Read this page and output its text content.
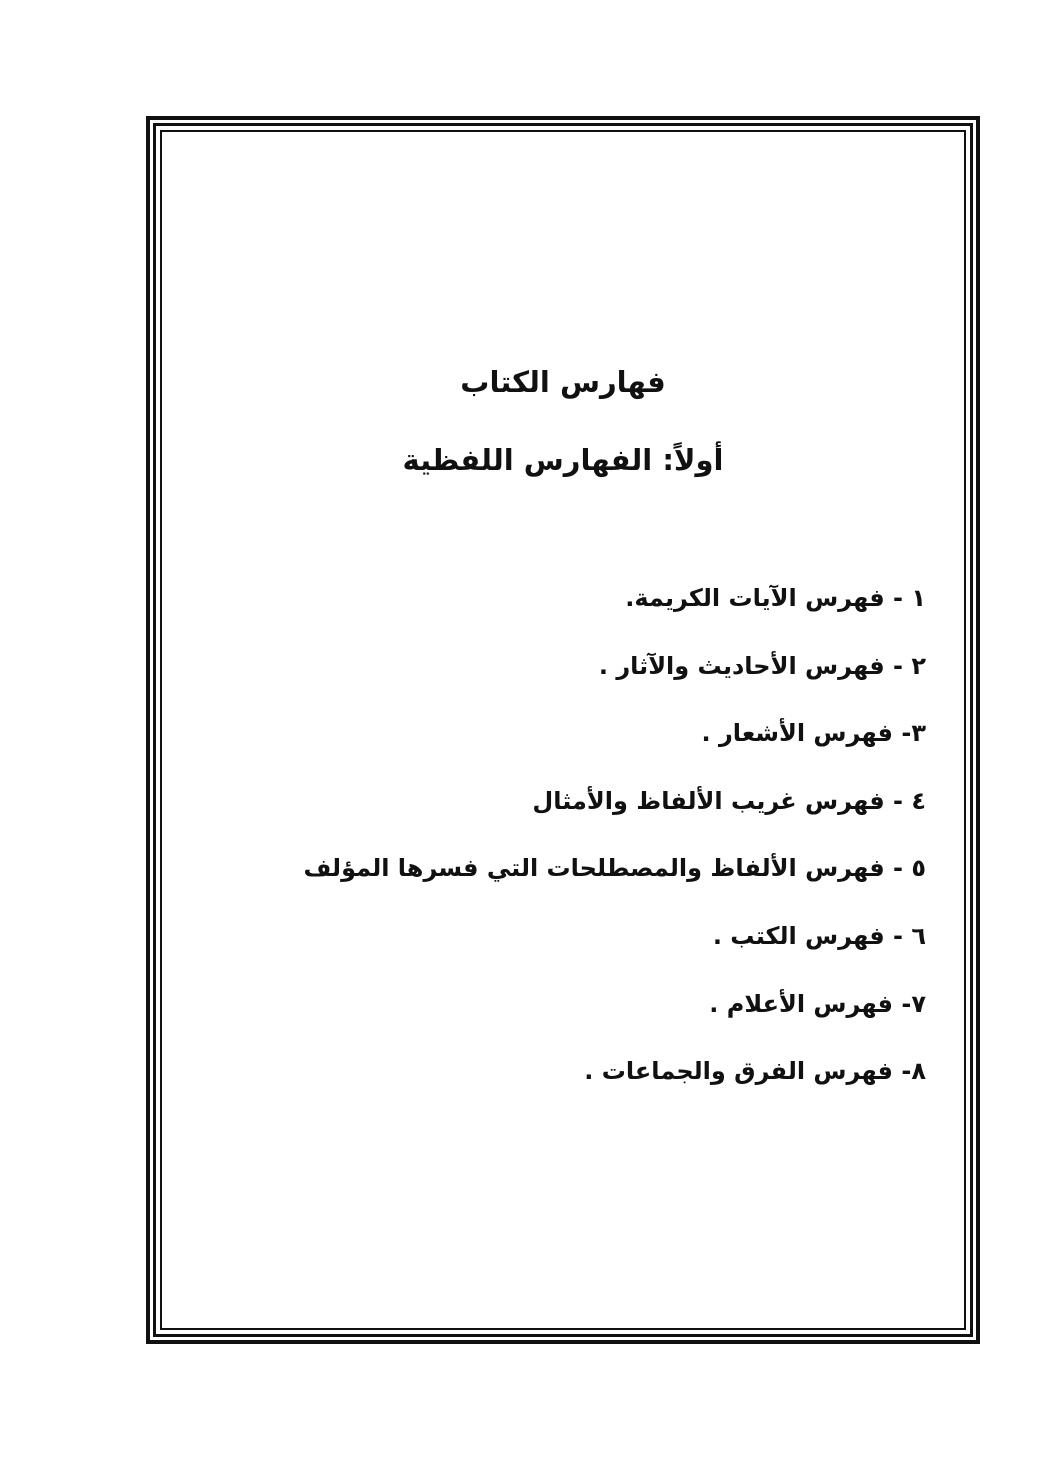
فهارس الكتاب
أولاً: الفهارس اللفظية
١ - فهرس الآيات الكريمة.
٢ - فهرس الأحاديث والآثار .
٣- فهرس الأشعار .
٤ - فهرس غريب الألفاظ والأمثال
٥ - فهرس الألفاظ والمصطلحات التي فسرها المؤلف
٦ - فهرس الكتب .
٧- فهرس الأعلام .
٨- فهرس الفرق والجماعات .
